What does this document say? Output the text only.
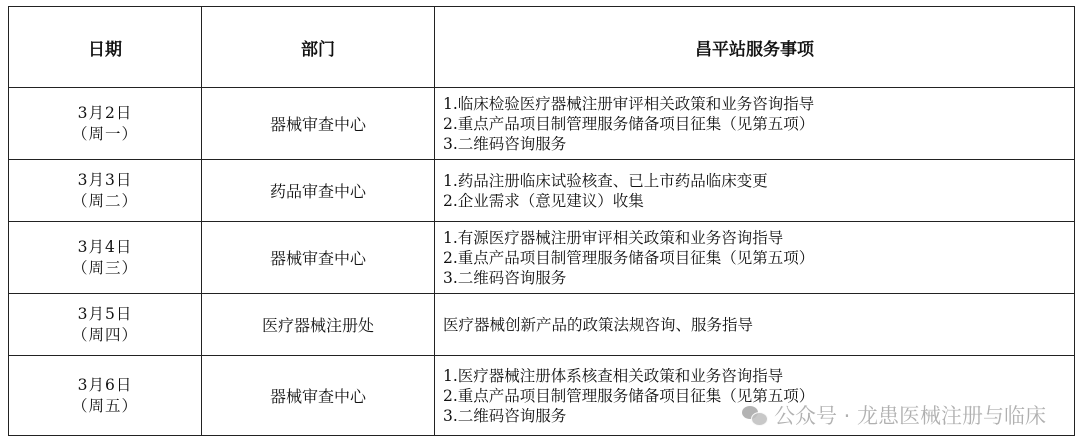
日期	部门	昌平站服务事项

3月2日
（周一）	器械审查中心	1.临床检验医疗器械注册审评相关政策和业务咨询指导
2.重点产品项目制管理服务储备项目征集（见第五项）
3.二维码咨询服务

3月3日
（周二）	药品审查中心	1.药品注册临床试验核查、已上市药品临床变更
2.企业需求（意见建议）收集

3月4日
（周三）	器械审查中心	1.有源医疗器械注册审评相关政策和业务咨询指导
2.重点产品项目制管理服务储备项目征集（见第五项）
3.二维码咨询服务

3月5日
（周四）	医疗器械注册处	医疗器械创新产品的政策法规咨询、服务指导

3月6日
（周五）	器械审查中心	1.医疗器械注册体系核查相关政策和业务咨询指导
2.重点产品项目制管理服务储备项目征集（见第五项）
3.二维码咨询服务	公众号 · 龙患医械注册与临床
